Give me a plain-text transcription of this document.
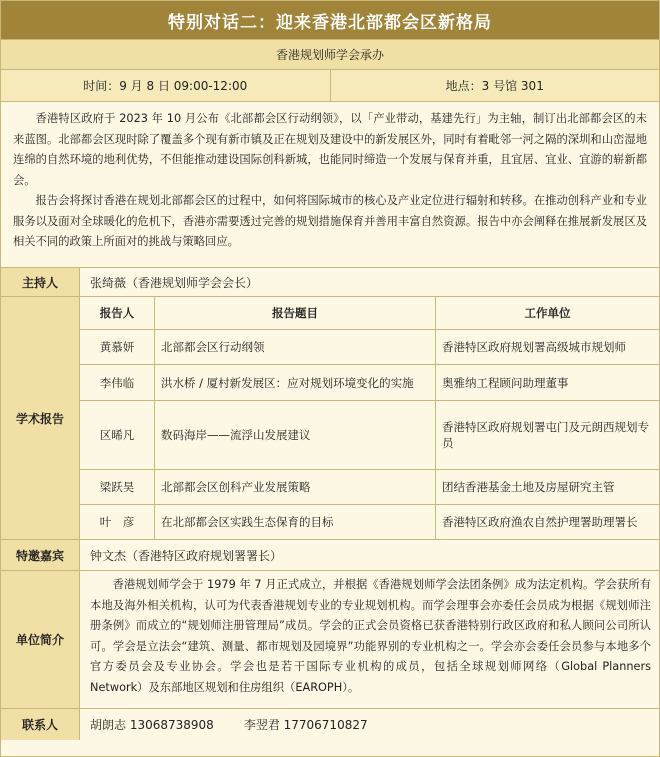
特别对话二：迎来香港北部都会区新格局
香港规划师学会承办
时间：9 月 8 日 09:00-12:00	地点：3 号馆 301

香港特区政府于 2023 年 10 月公布《北部都会区行动纲领》，以「产业带动，基建先行」为主轴，制订出北部都会区的未来蓝图。北部都会区现时除了覆盖多个现有新市镇及正在规划及建设中的新发展区外，同时有着毗邻一河之隔的深圳和山峦湿地连绵的自然环境的地利优势，不但能推动建设国际创科新城，也能同时缔造一个发展与保育并重，且宜居、宜业、宜游的崭新都会。

报告会将探讨香港在规划北部都会区的过程中，如何将国际城市的核心及产业定位进行辐射和转移。在推动创科产业和专业服务以及面对全球暖化的危机下，香港亦需要透过完善的规划措施保育并善用丰富自然资源。报告中亦会阐释在推展新发展区及相关不同的政策上所面对的挑战与策略回应。

主持人	张绮薇（香港规划师学会会长）
学术报告
报告人	报告题目	工作单位
黄慕妍	北部都会区行动纲领	香港特区政府规划署高级城市规划师
李伟临	洪水桥 / 厦村新发展区：应对规划环境变化的实施	奥雅纳工程顾问助理董事
区晞凡	数码海岸——流浮山发展建议	香港特区政府规划署屯门及元朗西规划专员
梁跃昊	北部都会区创科产业发展策略	团结香港基金土地及房屋研究主管
叶　彦	在北部都会区实践生态保育的目标	香港特区政府渔农自然护理署助理署长
特邀嘉宾	钟文杰（香港特区政府规划署署长）
单位简介

香港规划师学会于 1979 年 7 月正式成立，并根据《香港规划师学会法团条例》成为法定机构。学会获所有本地及海外相关机构，认可为代表香港规划专业的专业规划机构。而学会理事会亦委任会员成为根据《规划师注册条例》而成立的“规划师注册管理局”成员。学会的正式会员资格已获香港特别行政区政府和私人顾问公司所认可。学会是立法会“建筑、测量、都市规划及园境界”功能界别的专业机构之一。学会亦会委任会员参与本地多个官方委员会及专业协会。学会也是若干国际专业机构的成员，包括全球规划师网络（Global Planners Network）及东部地区规划和住房组织（EAROPH）。

联系人	胡朗志 13068738908	李翌君 17706710827
